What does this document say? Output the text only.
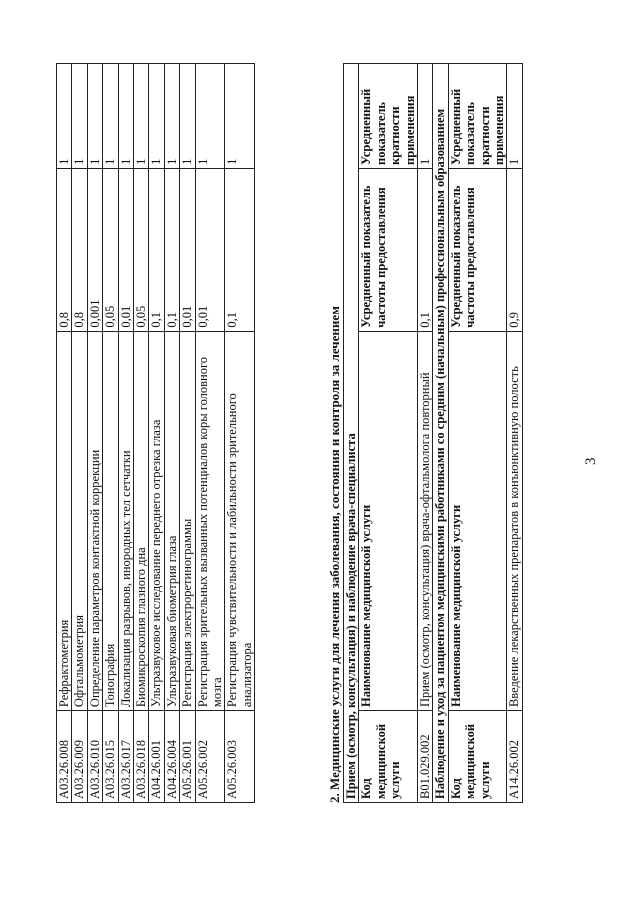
3
A03.26.008	Рефрактометрия	0,8	1
A03.26.009	Офтальмометрия	0,8	1
A03.26.010	Определение параметров контактной коррекции	0,001	1
A03.26.015	Тонография	0,05	1
A03.26.017	Локализация разрывов, инородных тел сетчатки	0,01	1
A03.26.018	Биомикроскопия глазного дна	0,05	1
A04.26.001	Ультразвуковое исследование переднего отрезка глаза	0,1	1
A04.26.004	Ультразвуковая биометрия глаза	0,1	1
A05.26.001	Регистрация электроретинограммы	0,01	1
A05.26.002	Регистрация зрительных вызванных потенциалов коры головного мозга	0,01	1
A05.26.003	Регистрация чувствительности и лабильности зрительного анализатора	0,1	1
2. Медицинские услуги для лечения заболевания, состояния и контроля за лечением Прием (осмотр, консультация) и наблюдение врача-специалиста			
Код медицинской услуги	Наименование медицинской услуги	Усредненный показатель частоты предоставления	Усредненный показатель кратности применения
B01.029.002	Прием (осмотр, консультация) врача-офтальмолога повторный	0,1	1
Наблюдение и уход за пациентом медицинскими работниками со средним (начальным) профессиональным образованием			
Код медицинской услуги	Наименование медицинской услуги	Усредненный показатель частоты предоставления	Усредненный показатель кратности применения
A14.26.002	Введение лекарственных препаратов в конъюнктивную полость	0,9	1
